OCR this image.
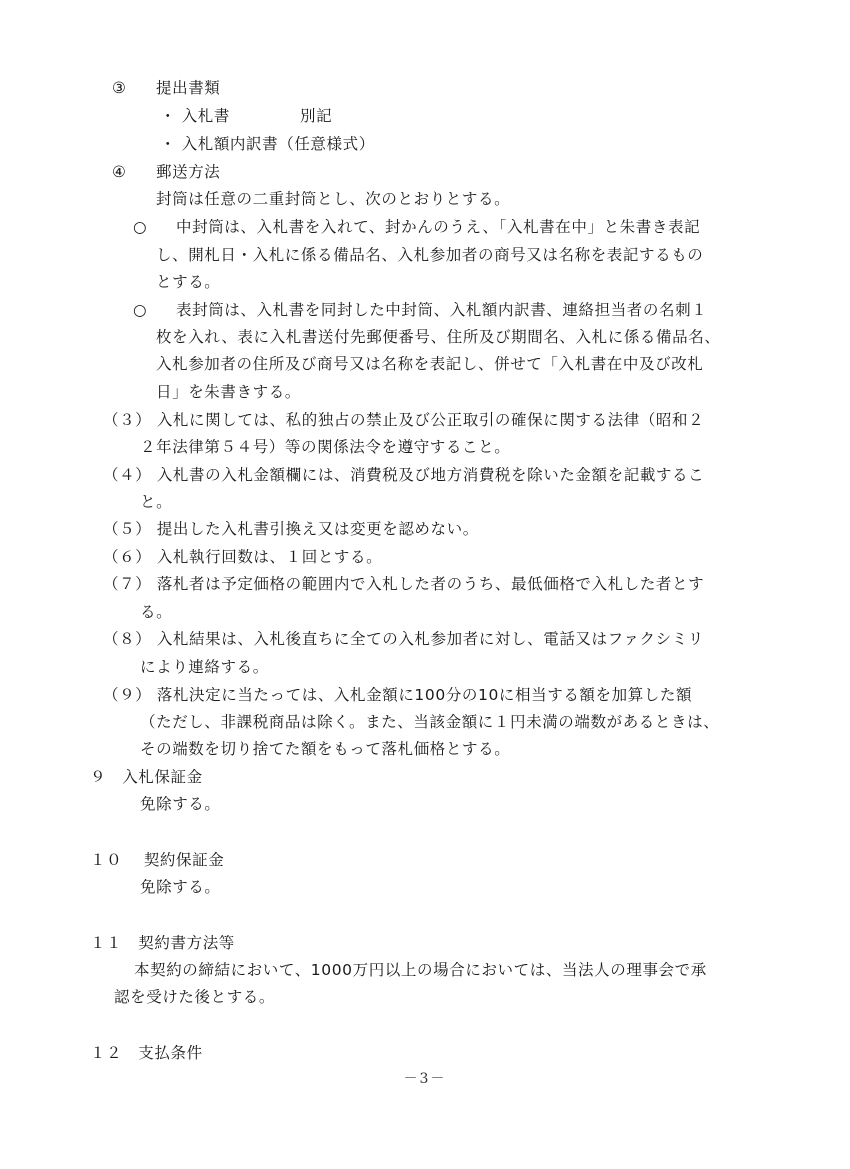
③ 提出書類
・ 入札書	別記
・ 入札額内訳書（任意様式）
④ 郵送方法
封筒は任意の二重封筒とし、次のとおりとする。
○ 中封筒は、入札書を入れて、封かんのうえ、「入札書在中」と朱書き表記
し、開札日・入札に係る備品名、入札参加者の商号又は名称を表記するもの
とする。
○ 表封筒は、入札書を同封した中封筒、入札額内訳書、連絡担当者の名刺１
枚を入れ、表に入札書送付先郵便番号、住所及び期間名、入札に係る備品名、
入札参加者の住所及び商号又は名称を表記し、併せて「入札書在中及び改札
日」を朱書きする。
（３） 入札に関しては、私的独占の禁止及び公正取引の確保に関する法律（昭和２
２年法律第５４号）等の関係法令を遵守すること。
（４） 入札書の入札金額欄には、消費税及び地方消費税を除いた金額を記載するこ
と。
（５） 提出した入札書引換え又は変更を認めない。
（６） 入札執行回数は、１回とする。
（７） 落札者は予定価格の範囲内で入札した者のうち、最低価格で入札した者とす
る。
（８） 入札結果は、入札後直ちに全ての入札参加者に対し、電話又はファクシミリ
により連絡する。
（９） 落札決定に当たっては、入札金額に100分の10に相当する額を加算した額
（ただし、非課税商品は除く。また、当該金額に１円未満の端数があるときは、
その端数を切り捨てた額をもって落札価格とする。
９　入札保証金
免除する。
１０　 契約保証金
免除する。
１１　契約書方法等
本契約の締結において、1000万円以上の場合においては、当法人の理事会で承
認を受けた後とする。
１２　支払条件
－3－
